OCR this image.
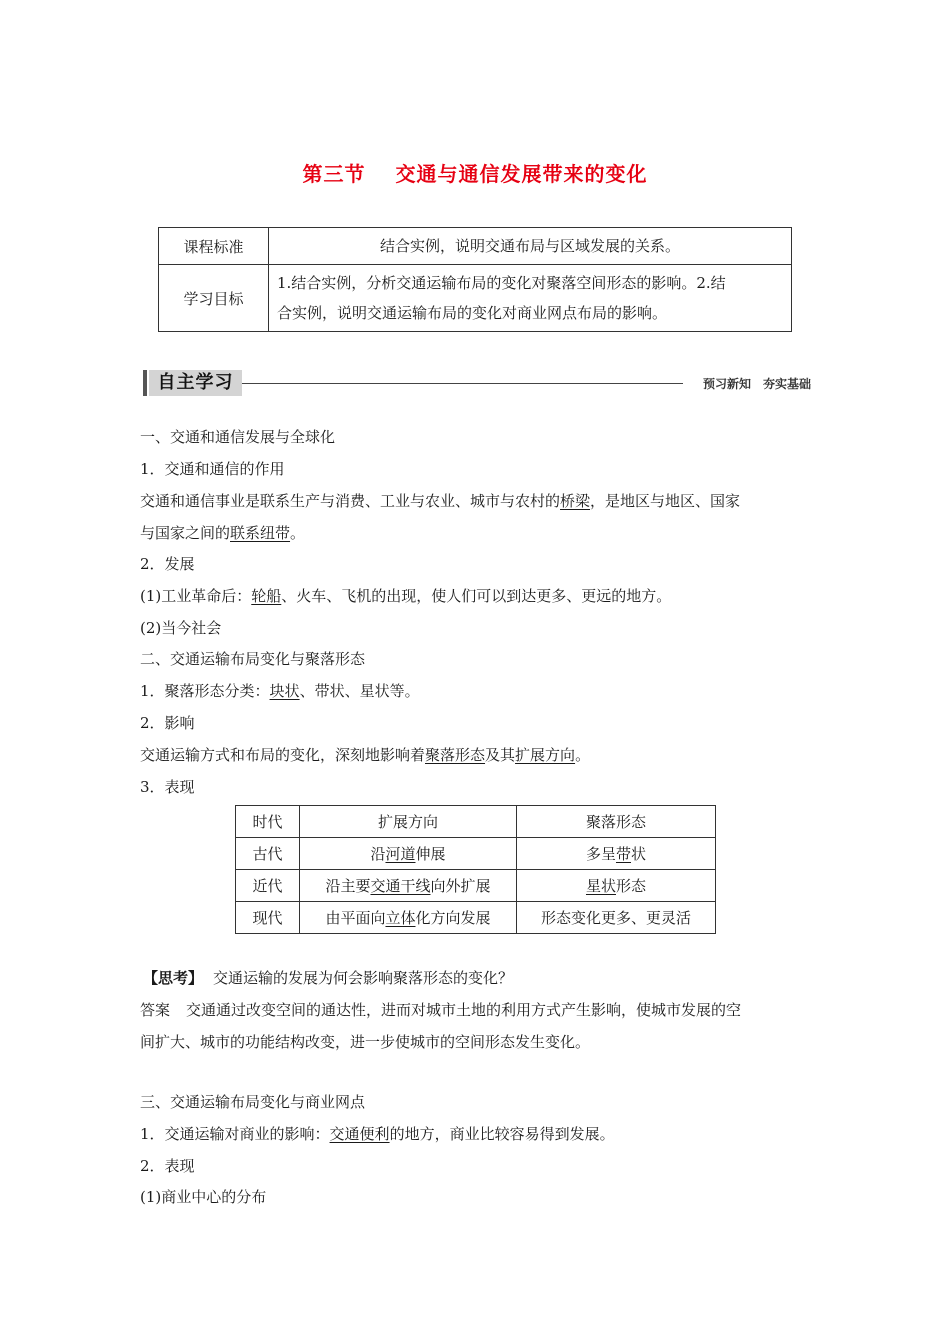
第三节 交通与通信发展带来的变化
课程标准	结合实例，说明交通布局与区域发展的关系。
学习目标	1.结合实例，分析交通运输布局的变化对聚落空间形态的影响。2.结
合实例，说明交通运输布局的变化对商业网点布局的影响。
自主学习	预习新知　夯实基础
一、交通和通信发展与全球化
1．交通和通信的作用
交通和通信事业是联系生产与消费、工业与农业、城市与农村的桥梁，是地区与地区、国家
与国家之间的联系纽带。
2．发展
(1)工业革命后：轮船、火车、飞机的出现，使人们可以到达更多、更远的地方。
(2)当今社会
二、交通运输布局变化与聚落形态
1．聚落形态分类：块状、带状、星状等。
2．影响
交通运输方式和布局的变化，深刻地影响着聚落形态及其扩展方向。
3．表现
时代	扩展方向	聚落形态
古代	沿河道伸展	多呈带状
近代	沿主要交通干线向外扩展	星状形态
现代	由平面向立体化方向发展	形态变化更多、更灵活
【思考】 交通运输的发展为何会影响聚落形态的变化？
答案 交通通过改变空间的通达性，进而对城市土地的利用方式产生影响，使城市发展的空
间扩大、城市的功能结构改变，进一步使城市的空间形态发生变化。
三、交通运输布局变化与商业网点
1．交通运输对商业的影响：交通便利的地方，商业比较容易得到发展。
2．表现
(1)商业中心的分布
